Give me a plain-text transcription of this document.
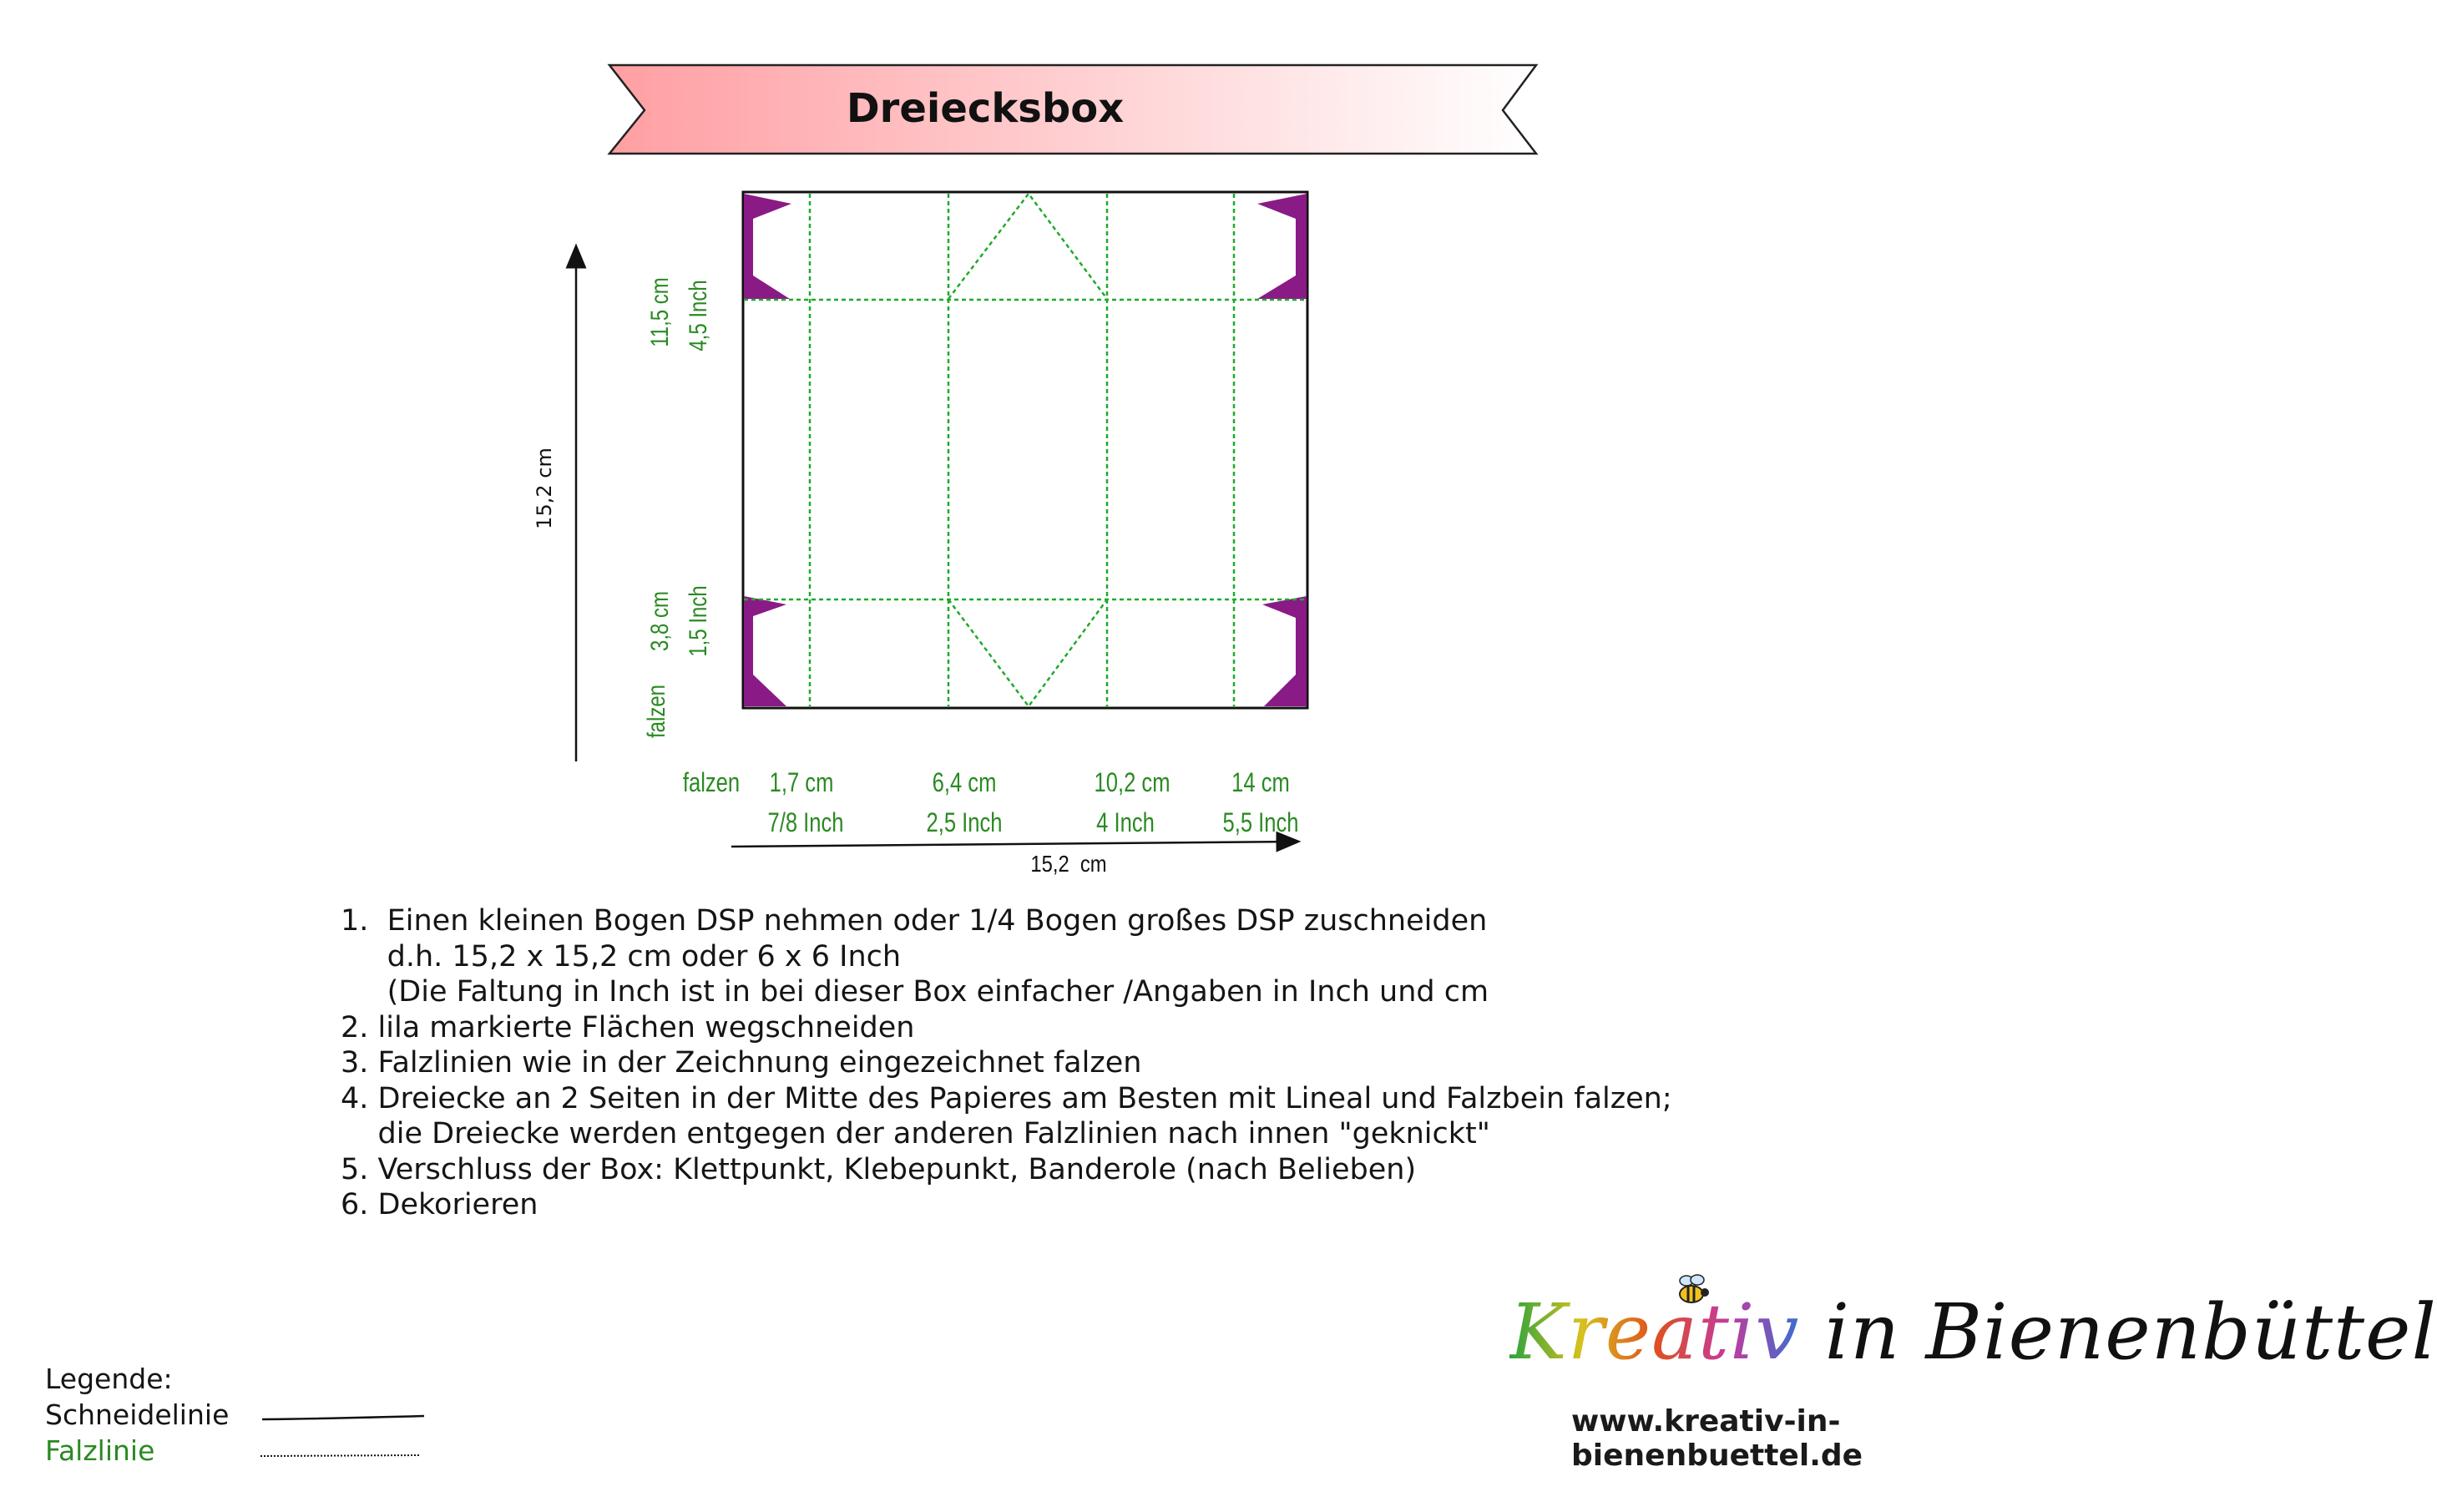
Dreiecksbox
15,2 cm
11,5 cm 4,5 Inch
3,8 cm 1,5 Inch
falzen
falzen 1,7 cm
7/8 Inch
6,4 cm
2,5 Inch
10,2 cm
4 Inch
14 cm
5,5 Inch
15,2  cm
1.  Einen kleinen Bogen DSP nehmen oder 1/4 Bogen großes DSP zuschneiden
d.h. 15,2 x 15,2 cm oder 6 x 6 Inch
(Die Faltung in Inch ist in bei dieser Box einfacher /Angaben in Inch und cm
2. lila markierte Flächen wegschneiden
3. Falzlinien wie in der Zeichnung eingezeichnet falzen
4. Dreiecke an 2 Seiten in der Mitte des Papieres am Besten mit Lineal und Falzbein falzen;
die Dreiecke werden entgegen der anderen Falzlinien nach innen "geknickt"
5. Verschluss der Box: Klettpunkt, Klebepunkt, Banderole (nach Belieben)
6. Dekorieren
Legende:
Schneidelinie
Falzlinie
Kreativ in Bienenbüttel
www.kreativ-in-bienenbuettel.de
